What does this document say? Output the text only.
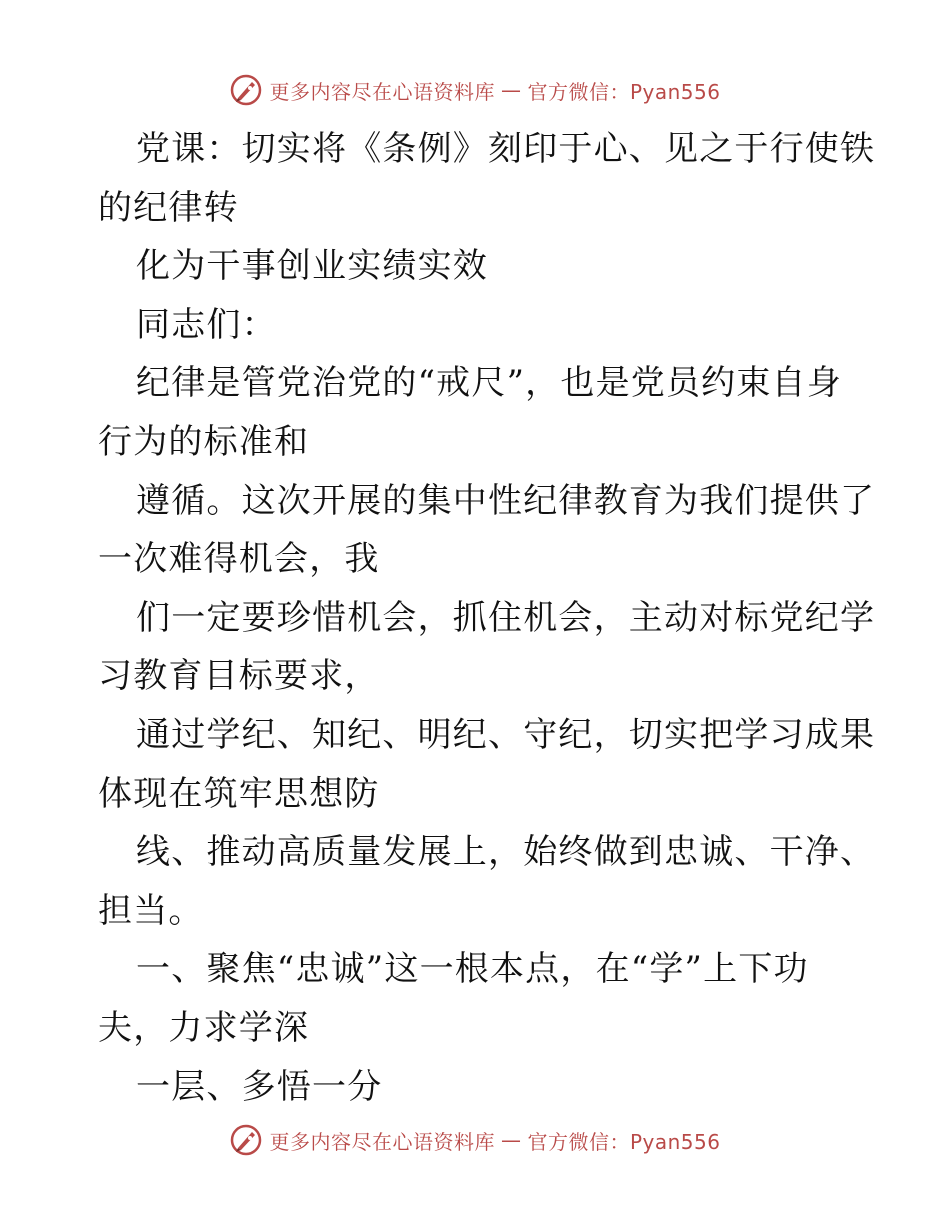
更多内容尽在心语资料库 — 官方微信：Pyan556
党课：切实将《条例》刻印于心、见之于行使铁
的纪律转
化为干事创业实绩实效
同志们：
纪律是管党治党的“戒尺”，也是党员约束自身
行为的标准和
遵循。这次开展的集中性纪律教育为我们提供了
一次难得机会，我
们一定要珍惜机会，抓住机会，主动对标党纪学
习教育目标要求，
通过学纪、知纪、明纪、守纪，切实把学习成果
体现在筑牢思想防
线、推动高质量发展上，始终做到忠诚、干净、
担当。
一、聚焦“忠诚”这一根本点，在“学”上下功
夫，力求学深
一层、多悟一分
更多内容尽在心语资料库 — 官方微信：Pyan556
